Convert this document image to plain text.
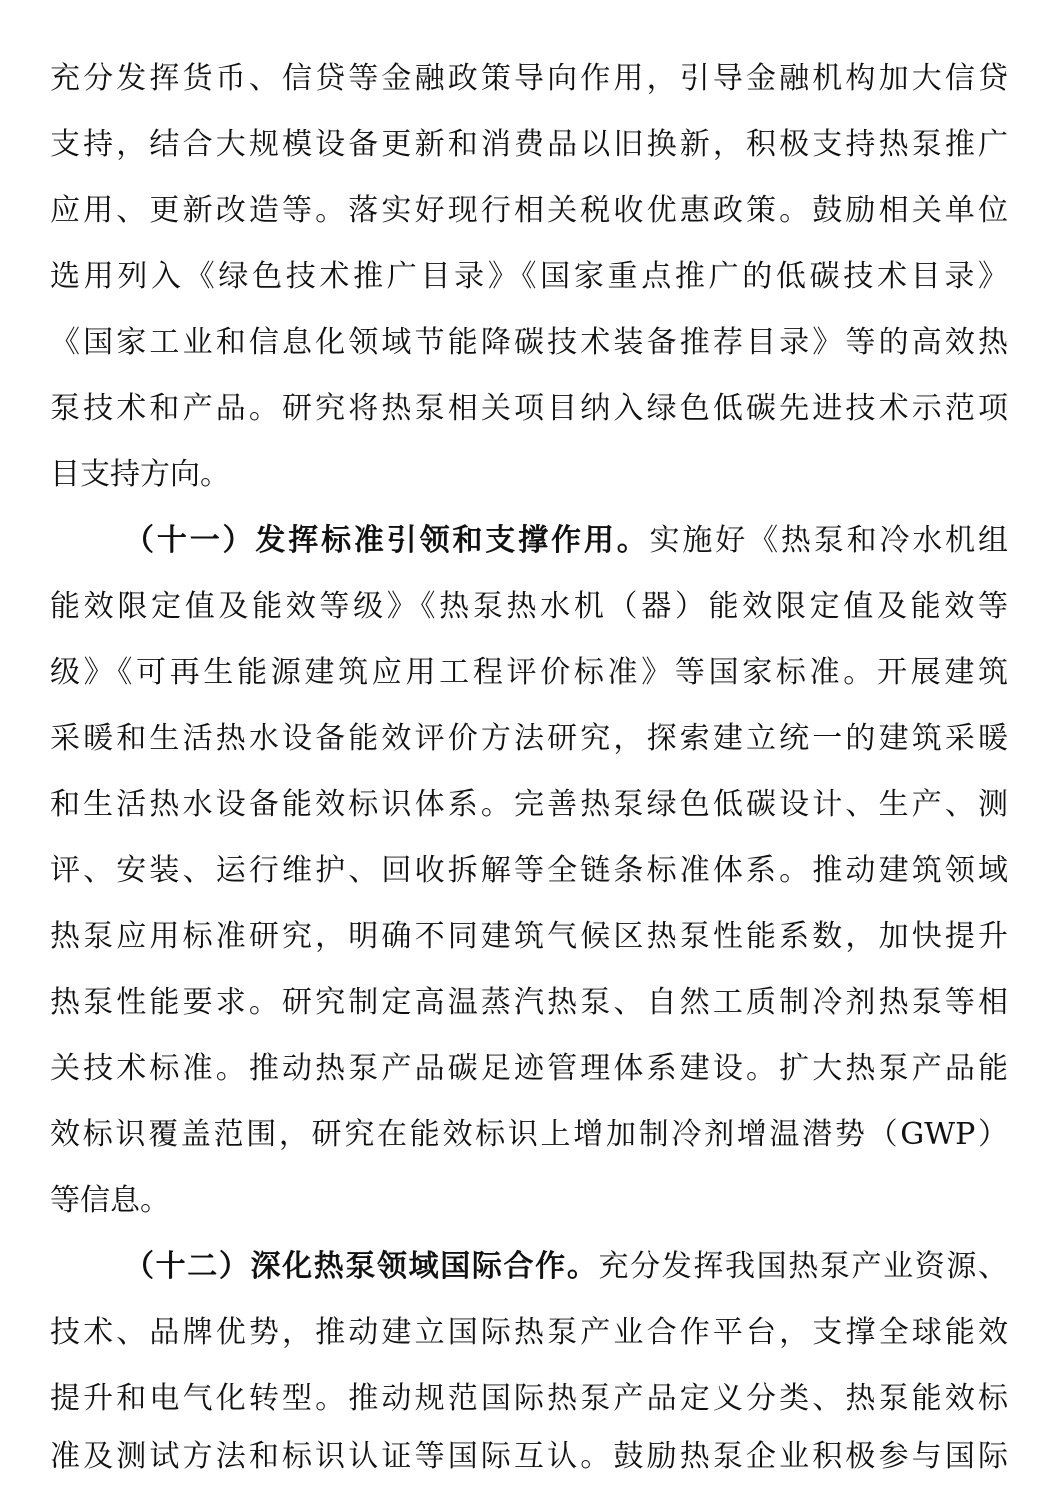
充分发挥货币、信贷等金融政策导向作用，引导金融机构加大信贷
支持，结合大规模设备更新和消费品以旧换新，积极支持热泵推广
应用、更新改造等。落实好现行相关税收优惠政策。鼓励相关单位
选用列入《绿色技术推广目录》《国家重点推广的低碳技术目录》
《国家工业和信息化领域节能降碳技术装备推荐目录》等的高效热
泵技术和产品。研究将热泵相关项目纳入绿色低碳先进技术示范项
目支持方向。
（十一）发挥标准引领和支撑作用。实施好《热泵和冷水机组
能效限定值及能效等级》《热泵热水机（器）能效限定值及能效等
级》《可再生能源建筑应用工程评价标准》等国家标准。开展建筑
采暖和生活热水设备能效评价方法研究，探索建立统一的建筑采暖
和生活热水设备能效标识体系。完善热泵绿色低碳设计、生产、测
评、安装、运行维护、回收拆解等全链条标准体系。推动建筑领域
热泵应用标准研究，明确不同建筑气候区热泵性能系数，加快提升
热泵性能要求。研究制定高温蒸汽热泵、自然工质制冷剂热泵等相
关技术标准。推动热泵产品碳足迹管理体系建设。扩大热泵产品能
效标识覆盖范围，研究在能效标识上增加制冷剂增温潜势（GWP）
等信息。
（十二）深化热泵领域国际合作。充分发挥我国热泵产业资源、
技术、品牌优势，推动建立国际热泵产业合作平台，支撑全球能效
提升和电气化转型。推动规范国际热泵产品定义分类、热泵能效标
准及测试方法和标识认证等国际互认。鼓励热泵企业积极参与国际
